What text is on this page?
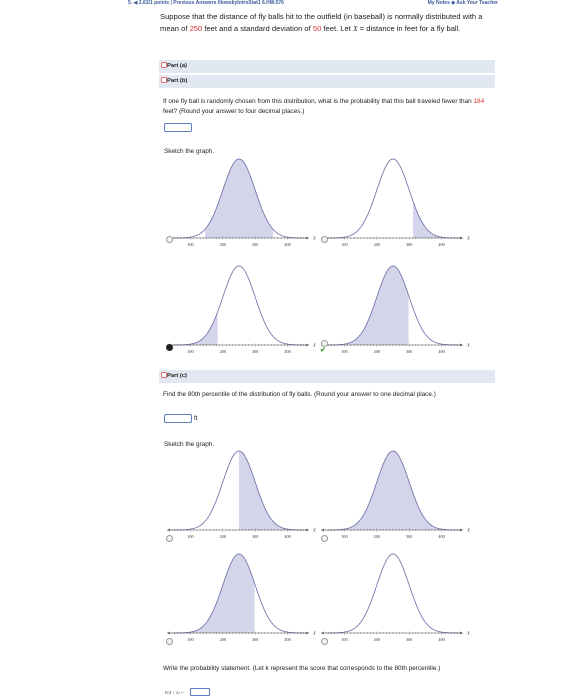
5. ◀ 2.63/1 points | Previous Answers IllowskyIntroStat1 6.HW.076	My Notes ◆ Ask Your Teacher
Suppose that the distance of fly balls hit to the outfield (in baseball) is normally distributed with a mean of 250 feet and a standard deviation of 50 feet. Let X = distance in feet for a fly ball.
Part (a)
Part (b)
If one fly ball is randomly chosen from this distribution, what is the probability that this ball traveled fewer than 184 feet? (Round your answer to four decimal places.)
Sketch the graph.
100	200	300	400
X
100	200	300	400
X
100	200	300	400
X
100	200	300	400
X
✔
Part (c)
Find the 80th percentile of the distribution of fly balls. (Round your answer to one decimal place.)
ft
Sketch the graph.
100	200	300	400
X
100	200	300	400
X
100	200	300	400
X
100	200	300	400
X
Write the probability statement. (Let k represent the score that corresponds to the 80th percentile.)
P(X < k) =
